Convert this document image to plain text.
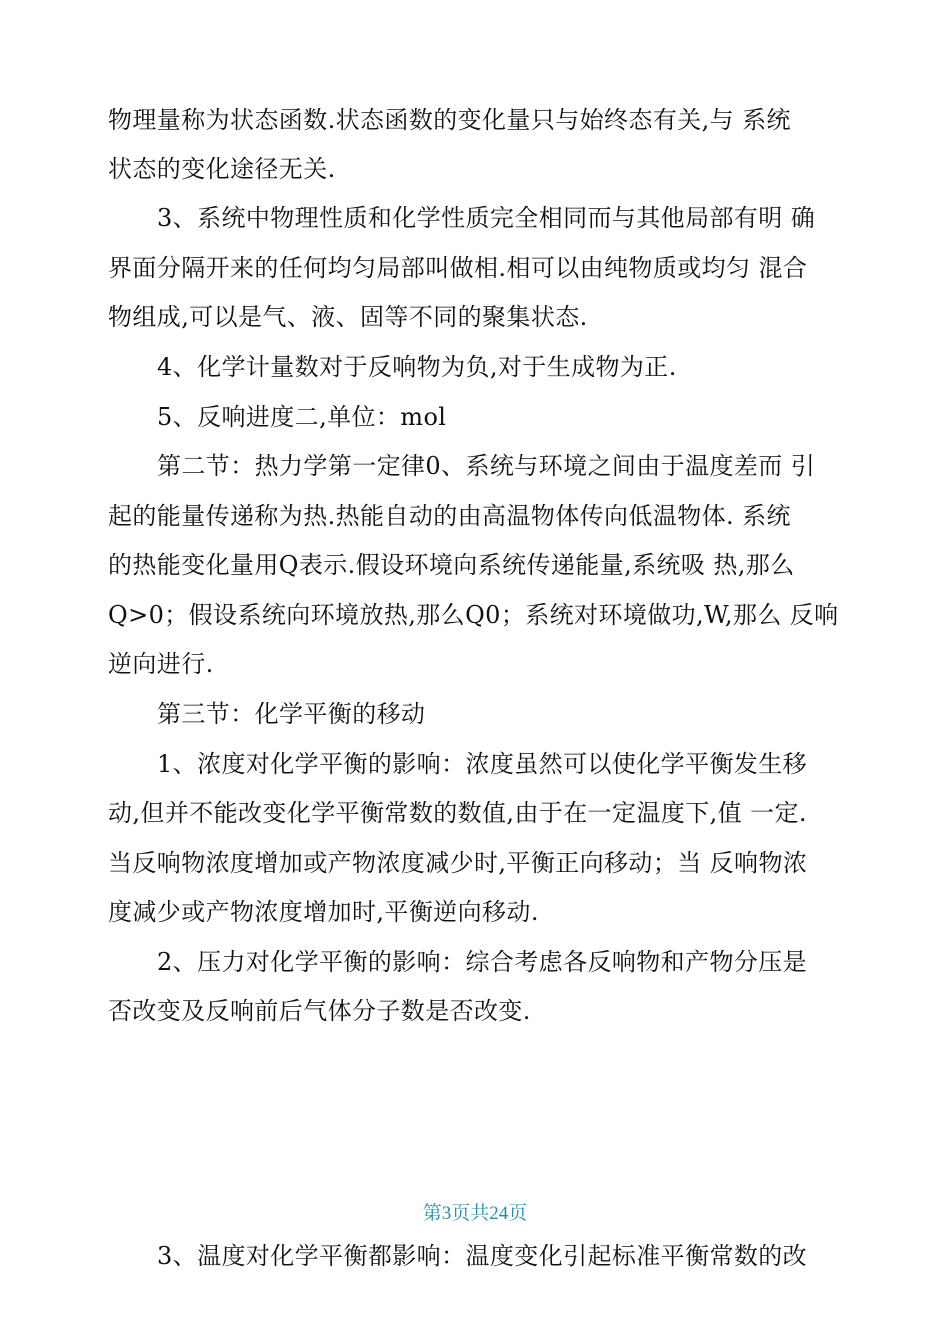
物理量称为状态函数.状态函数的变化量只与始终态有关,与 系统
状态的变化途径无关.
3、系统中物理性质和化学性质完全相同而与其他局部有明 确
界面分隔开来的任何均匀局部叫做相.相可以由纯物质或均匀 混合
物组成,可以是气、液、固等不同的聚集状态.
4、化学计量数对于反响物为负,对于生成物为正.
5、反响进度二,单位：mol
第二节：热力学第一定律0、系统与环境之间由于温度差而 引
起的能量传递称为热.热能自动的由高温物体传向低温物体. 系统
的热能变化量用Q表示.假设环境向系统传递能量,系统吸 热,那么
Q>0；假设系统向环境放热,那么Q0；系统对环境做功,W,那么 反响
逆向进行.
第三节：化学平衡的移动
1、浓度对化学平衡的影响：浓度虽然可以使化学平衡发生移
动,但并不能改变化学平衡常数的数值,由于在一定温度下,值 一定.
当反响物浓度增加或产物浓度减少时,平衡正向移动；当 反响物浓
度减少或产物浓度增加时,平衡逆向移动.
2、压力对化学平衡的影响：综合考虑各反响物和产物分压是
否改变及反响前后气体分子数是否改变.
第3页共24页
3、温度对化学平衡都影响：温度变化引起标准平衡常数的改
